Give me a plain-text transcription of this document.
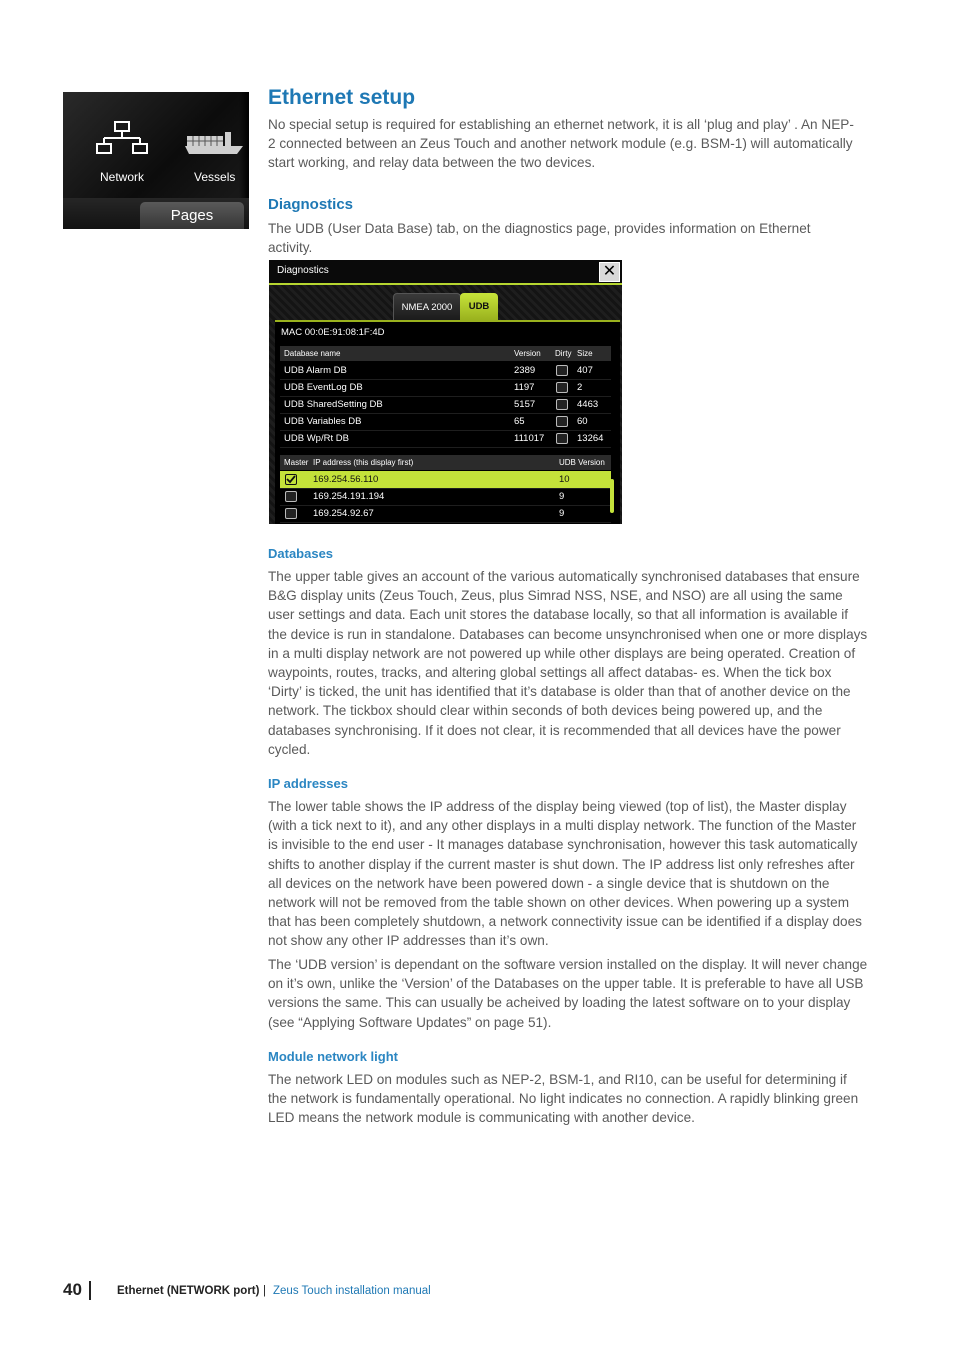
Network	Vessels
Pages
Ethernet setup

No special setup is required for establishing an ethernet network, it is all ‘plug and play’ . An NEP-2 connected between an Zeus Touch and another network module (e.g. BSM-1) will automatically start working, and relay data between the two devices.

Diagnostics

The UDB (User Data Base) tab, on the diagnostics page, provides information on Ethernet activity.

Diagnostics	✕
NMEA 2000	UDB
MAC 00:0E:91:08:1F:4D
Database name	Version Dirty Size
UDB Alarm DB	2389	407
UDB EventLog DB	1197	2
UDB SharedSetting DB	5157	4463
UDB Variables DB	65	60
UDB Wp/Rt DB	111017	13264
Master IP address (this display first)	UDB Version
169.254.56.110	10
169.254.191.194	9
169.254.92.67	9
Databases

The upper table gives an account of the various automatically synchronised databases that ensure B&G display units (Zeus Touch, Zeus, plus Simrad NSS, NSE, and NSO) are all using the same user settings and data. Each unit stores the database locally, so that all information is available if the device is run in standalone. Databases can become unsynchronised when one or more displays in a multi display network are not powered up while other displays are being operated. Creation of waypoints, routes, tracks, and altering global settings all affect databas- es. When the tick box ‘Dirty’ is ticked, the unit has identified that it’s database is older than that of another device on the network. The tickbox should clear within seconds of both devices being powered up, and the databases synchronising. If it does not clear, it is recommended that all devices have the power cycled.

IP addresses

The lower table shows the IP address of the display being viewed (top of list), the Master display (with a tick next to it), and any other displays in a multi display network. The function of the Master is invisible to the end user - It manages database synchronisation, however this task automatically shifts to another display if the current master is shut down. The IP address list only refreshes after all devices on the network have been powered down - a single device that is shutdown on the network will not be removed from the table shown on other devices. When powering up a system that has been completely shutdown, a network connectivity issue can be identified if a display does not show any other IP addresses than it’s own.

The ‘UDB version’ is dependant on the software version installed on the display. It will never change on it’s own, unlike the ‘Version’ of the Databases on the upper table. It is preferable to have all USB versions the same. This can usually be acheived by loading the latest software on to your display (see “Applying Software Updates” on page 51).

Module network light

The network LED on modules such as NEP-2, BSM-1, and RI10, can be useful for determining if the network is fundamentally operational. No light indicates no connection. A rapidly blinking green LED means the network module is communicating with another device.

40	Ethernet (NETWORK port) | Zeus Touch installation manual
